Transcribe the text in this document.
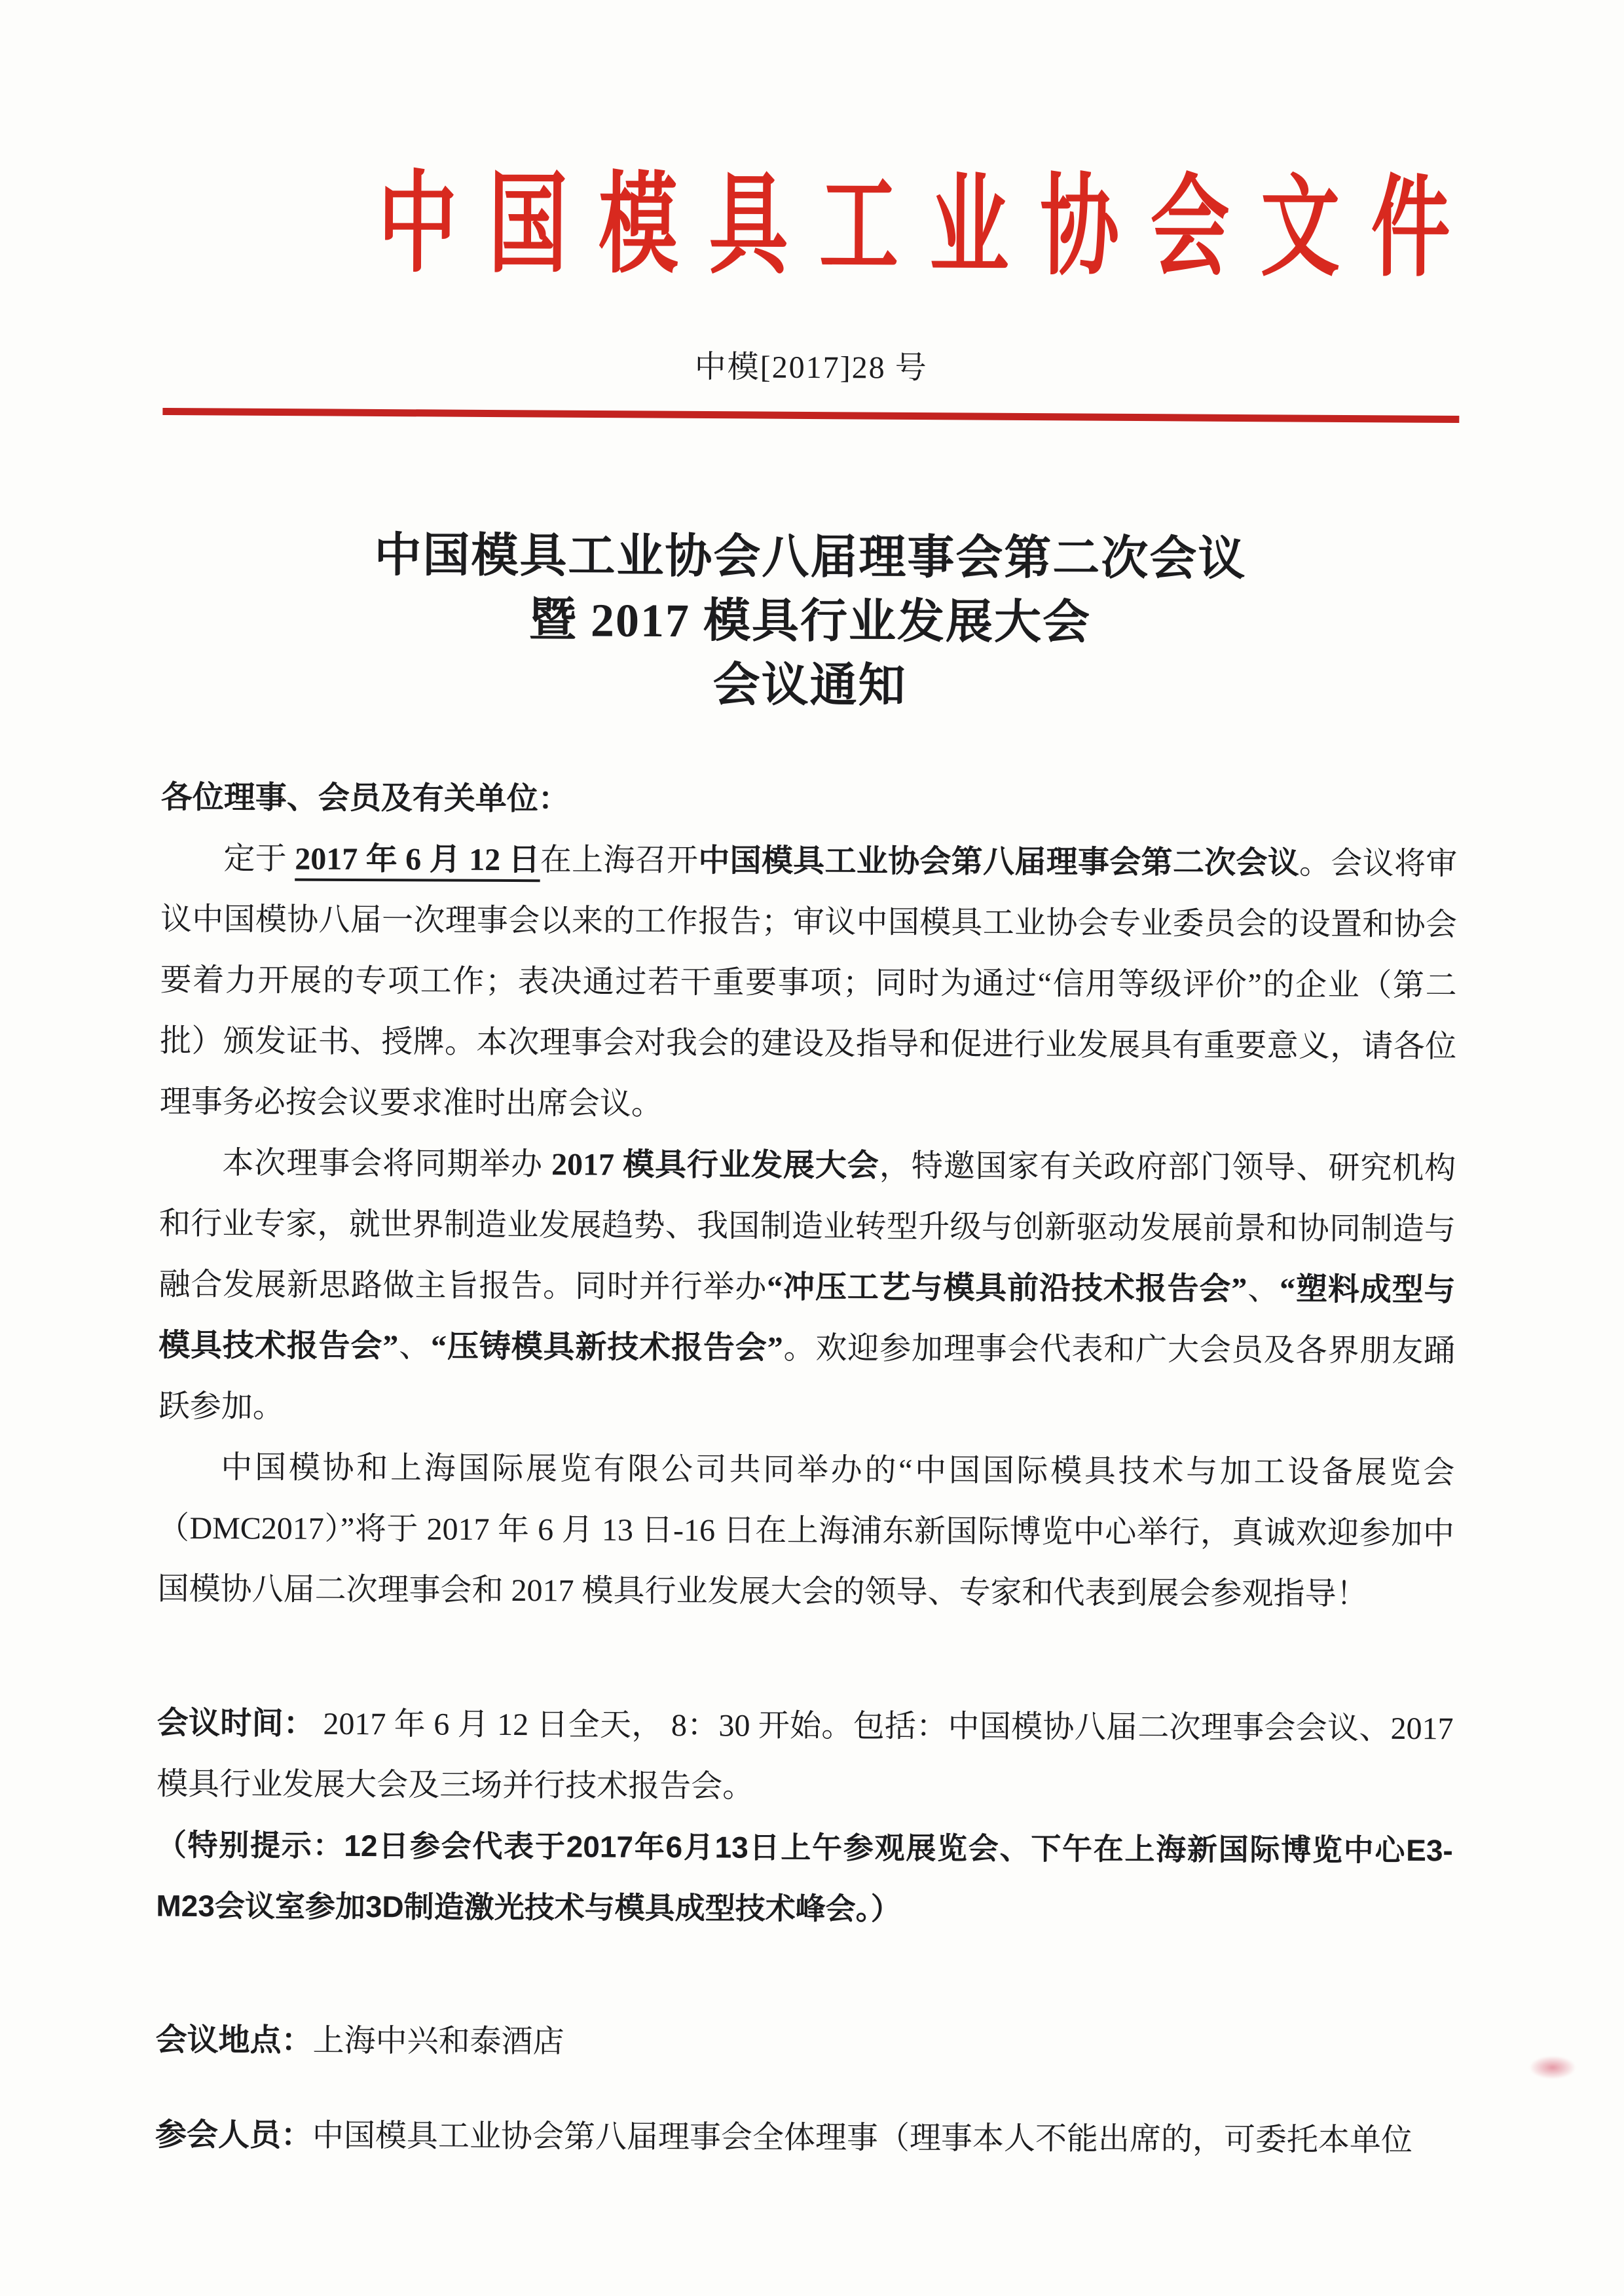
中国模具工业协会文件
中模[2017]28 号
中国模具工业协会八届理事会第二次会议
暨 2017 模具行业发展大会
会议通知

各位理事、会员及有关单位：

定于 2017 年 6 月 12 日在上海召开中国模具工业协会第八届理事会第二次会议。会议将审议中国模协八届一次理事会以来的工作报告；审议中国模具工业协会专业委员会的设置和协会要着力开展的专项工作；表决通过若干重要事项；同时为通过“信用等级评价”的企业（第二批）颁发证书、授牌。本次理事会对我会的建设及指导和促进行业发展具有重要意义，请各位理事务必按会议要求准时出席会议。

本次理事会将同期举办 2017 模具行业发展大会，特邀国家有关政府部门领导、研究机构和行业专家，就世界制造业发展趋势、我国制造业转型升级与创新驱动发展前景和协同制造与融合发展新思路做主旨报告。同时并行举办“冲压工艺与模具前沿技术报告会”、“塑料成型与模具技术报告会”、“压铸模具新技术报告会”。欢迎参加理事会代表和广大会员及各界朋友踊跃参加。

中国模协和上海国际展览有限公司共同举办的“中国国际模具技术与加工设备展览会（DMC2017）”将于 2017 年 6 月 13 日-16 日在上海浦东新国际博览中心举行，真诚欢迎参加中国模协八届二次理事会和 2017 模具行业发展大会的领导、专家和代表到展会参观指导！

会议时间： 2017 年 6 月 12 日全天， 8：30 开始。包括：中国模协八届二次理事会会议、2017 模具行业发展大会及三场并行技术报告会。

（特别提示：12日参会代表于2017年6月13日上午参观展览会、下午在上海新国际博览中心E3-M23会议室参加3D制造激光技术与模具成型技术峰会。）

会议地点：上海中兴和泰酒店

参会人员：中国模具工业协会第八届理事会全体理事（理事本人不能出席的，可委托本单位
